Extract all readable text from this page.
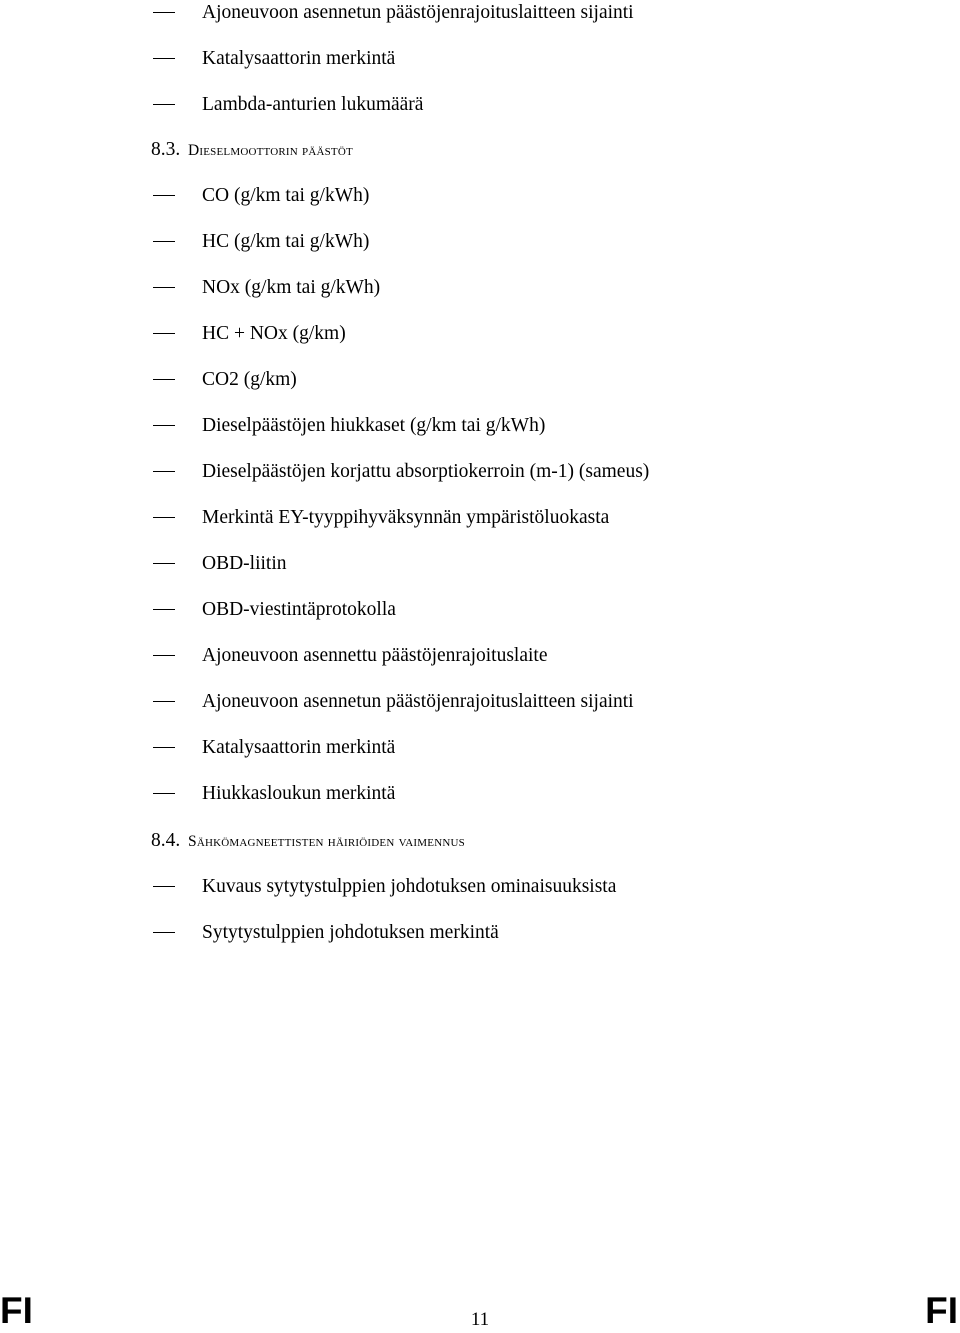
Ajoneuvoon asennetun päästöjenrajoituslaitteen sijainti
Katalysaattorin merkintä
Lambda-anturien lukumäärä
8.3. Dieselmoottorin päästöt
CO (g/km tai g/kWh)
HC (g/km tai g/kWh)
NOx (g/km tai g/kWh)
HC + NOx (g/km)
CO2 (g/km)
Dieselpäästöjen hiukkaset (g/km tai g/kWh)
Dieselpäästöjen korjattu absorptiokerroin (m-1) (sameus)
Merkintä EY-tyyppihyväksynnän ympäristöluokasta
OBD-liitin
OBD-viestintäprotokolla
Ajoneuvoon asennettu päästöjenrajoituslaite
Ajoneuvoon asennetun päästöjenrajoituslaitteen sijainti
Katalysaattorin merkintä
Hiukkasloukun merkintä
8.4. Sähkömagneettisten häiriöiden vaimennus
Kuvaus sytytystulppien johdotuksen ominaisuuksista
Sytytystulppien johdotuksen merkintä
FI	11	FI
